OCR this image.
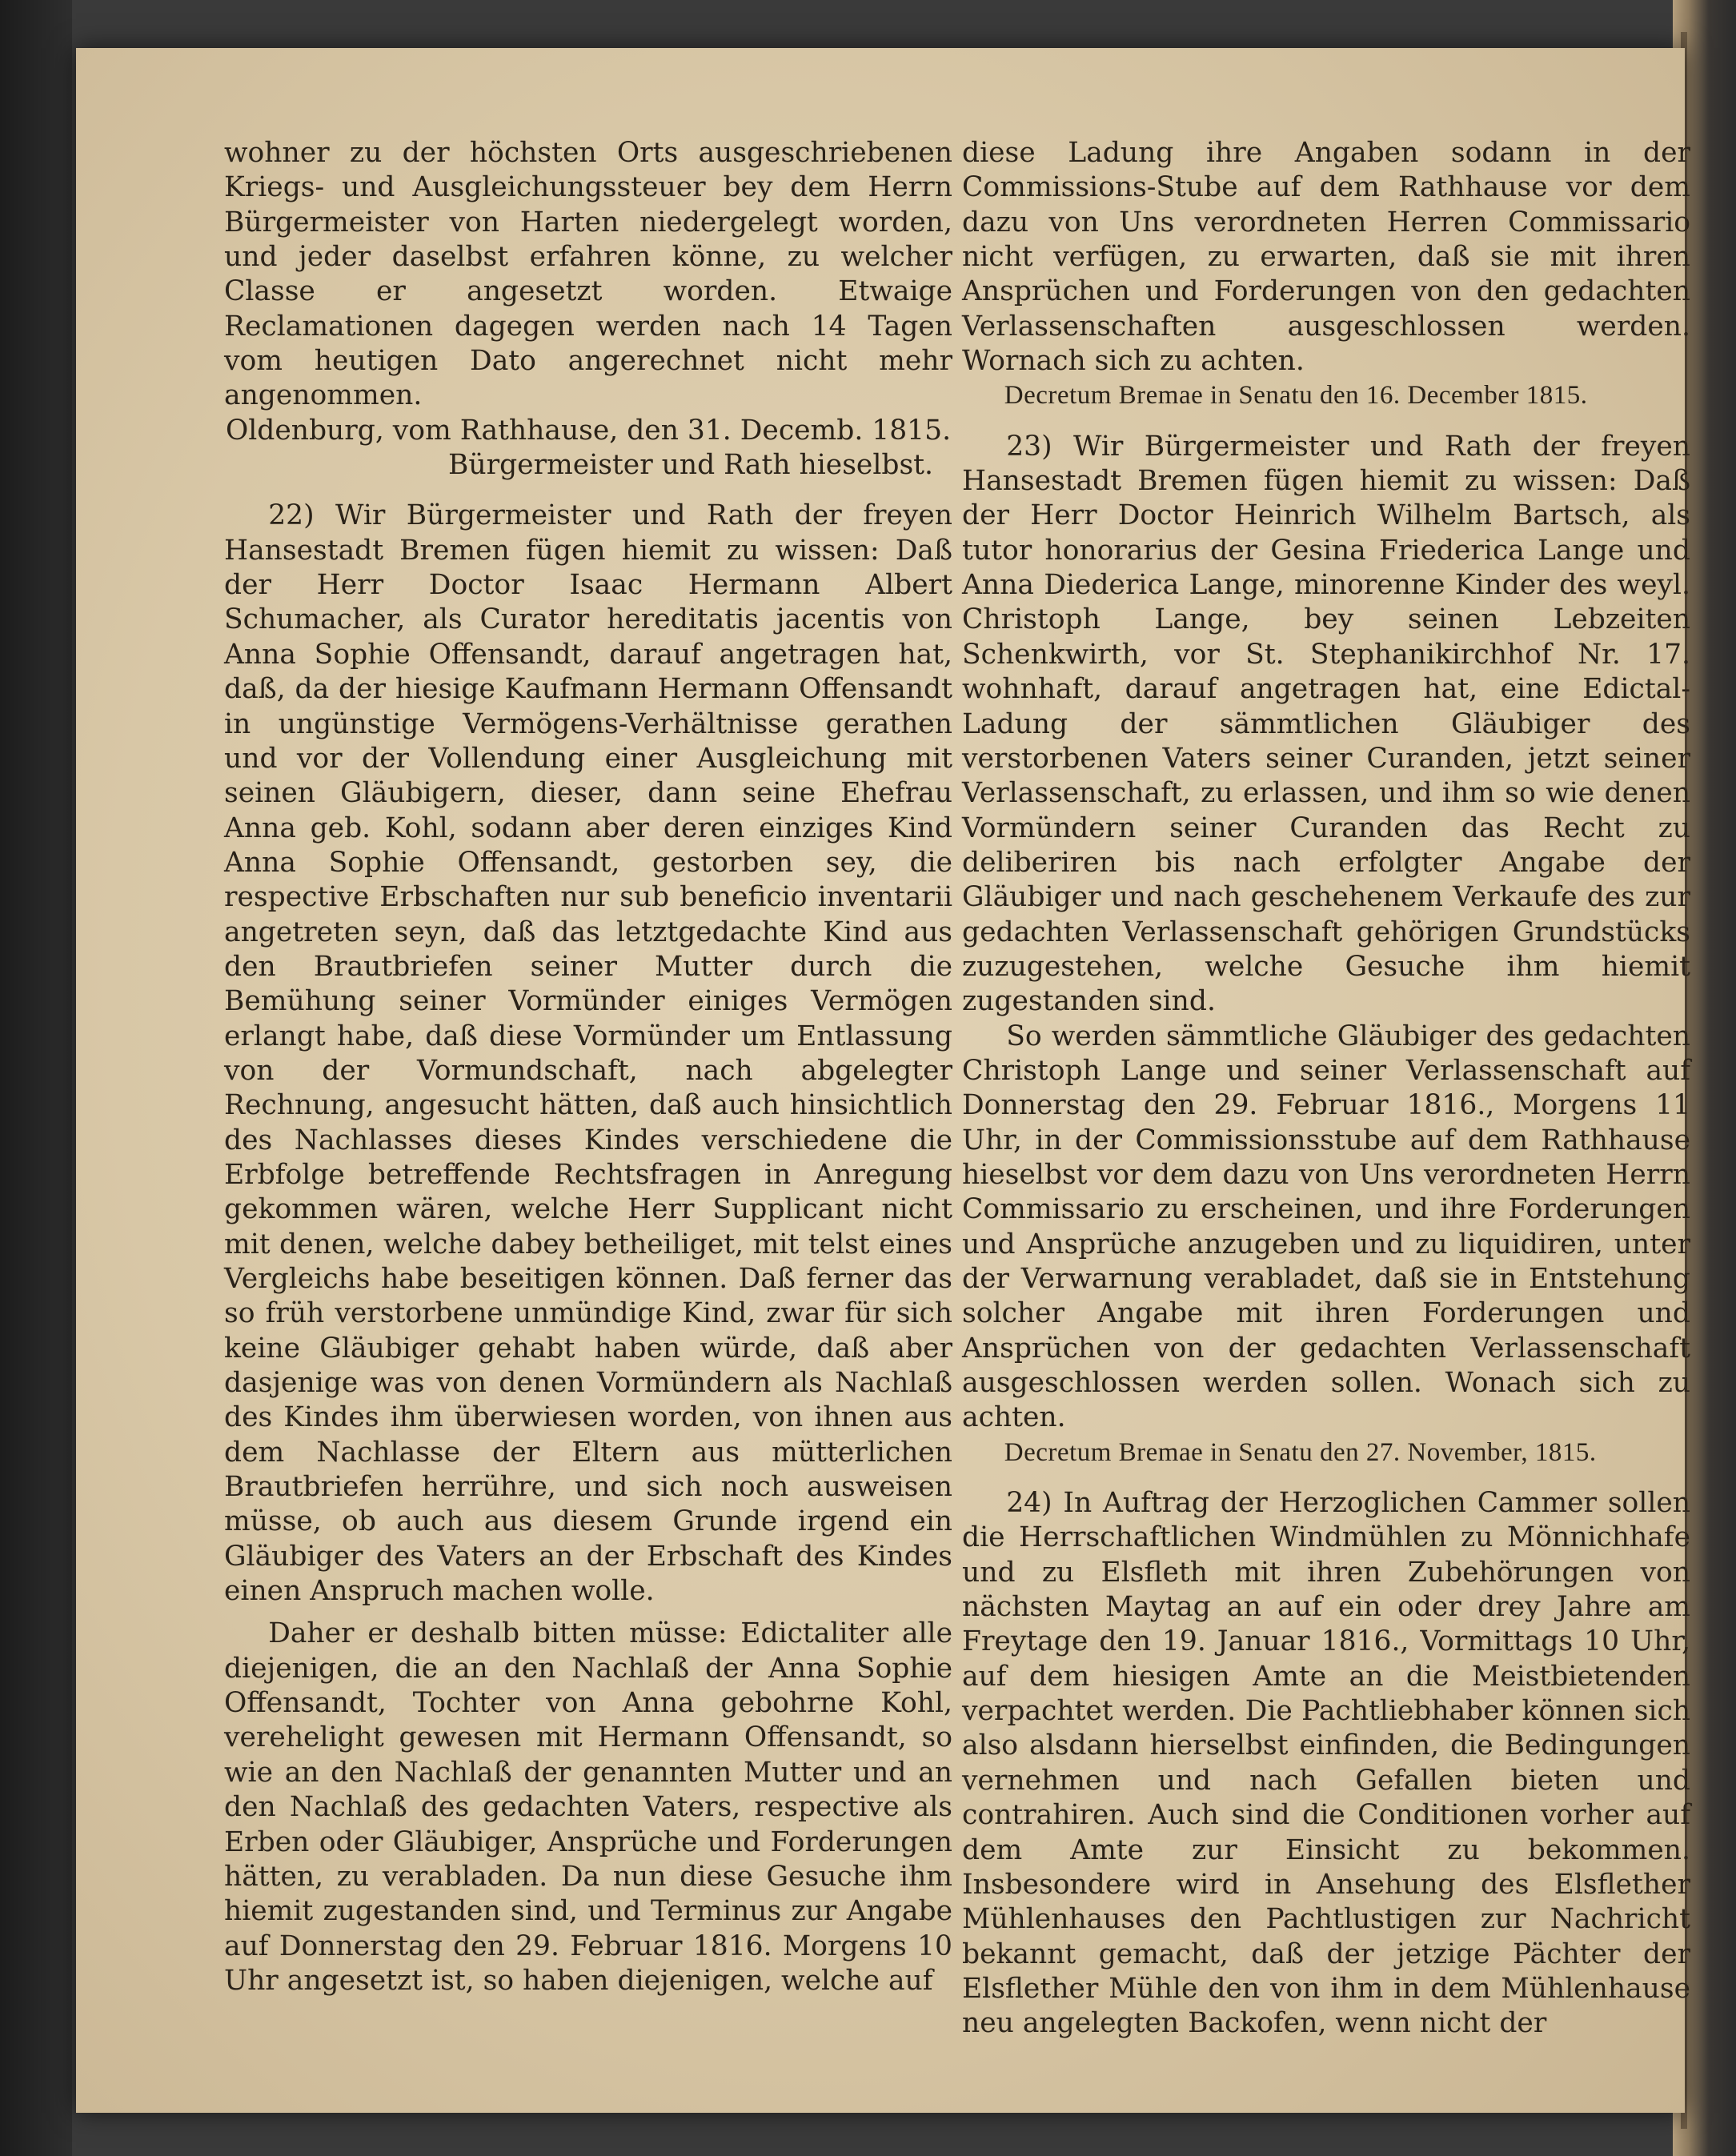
wohner zu der höchsten Orts ausgeschriebenen Kriegs- und Ausgleichungssteuer bey dem Herrn Bürgermeister von Harten niedergelegt worden, und jeder daselbst erfahren könne, zu welcher Classe er angesetzt worden. Etwaige Reclamationen dagegen werden nach 14 Tagen vom heutigen Dato angerechnet nicht mehr angenommen.

Oldenburg, vom Rathhause, den 31. Decemb. 1815.

Bürgermeister und Rath hieselbst.

22) Wir Bürgermeister und Rath der freyen Hansestadt Bremen fügen hiemit zu wissen: Daß der Herr Doctor Isaac Hermann Albert Schumacher, als Curator hereditatis jacentis von Anna Sophie Offensandt, darauf angetragen hat, daß, da der hiesige Kaufmann Hermann Offensandt in ungünstige Vermögens-Verhältnisse gerathen und vor der Vollendung einer Ausgleichung mit seinen Gläubigern, dieser, dann seine Ehefrau Anna geb. Kohl, sodann aber deren einziges Kind Anna Sophie Offensandt, gestorben sey, die respective Erbschaften nur sub beneficio inventarii angetreten seyn, daß das letztgedachte Kind aus den Brautbriefen seiner Mutter durch die Bemühung seiner Vormünder einiges Vermögen erlangt habe, daß diese Vormünder um Entlassung von der Vormundschaft, nach abgelegter Rechnung, angesucht hätten, daß auch hinsichtlich des Nachlasses dieses Kindes verschiedene die Erbfolge betreffende Rechtsfragen in Anregung gekommen wären, welche Herr Supplicant nicht mit denen, welche dabey betheiliget, mit telst eines Vergleichs habe beseitigen können. Daß ferner das so früh verstorbene unmündige Kind, zwar für sich keine Gläubiger gehabt haben würde, daß aber dasjenige was von denen Vormündern als Nachlaß des Kindes ihm überwiesen worden, von ihnen aus dem Nachlasse der Eltern aus mütterlichen Brautbriefen herrühre, und sich noch ausweisen müsse, ob auch aus diesem Grunde irgend ein Gläubiger des Vaters an der Erbschaft des Kindes einen Anspruch machen wolle.

Daher er deshalb bitten müsse: Edictaliter alle diejenigen, die an den Nachlaß der Anna Sophie Offensandt, Tochter von Anna gebohrne Kohl, verehelight gewesen mit Hermann Offensandt, so wie an den Nachlaß der genannten Mutter und an den Nachlaß des gedachten Vaters, respective als Erben oder Gläubiger, Ansprüche und Forderungen hätten, zu verabladen. Da nun diese Gesuche ihm hiemit zugestanden sind, und Terminus zur Angabe auf Donnerstag den 29. Februar 1816. Morgens 10 Uhr angesetzt ist, so haben diejenigen, welche auf

diese Ladung ihre Angaben sodann in der Commissions-Stube auf dem Rathhause vor dem dazu von Uns verordneten Herren Commissario nicht verfügen, zu erwarten, daß sie mit ihren Ansprüchen und Forderungen von den gedachten Verlassenschaften ausgeschlossen werden. Wornach sich zu achten.

Decretum Bremae in Senatu den 16. December 1815.

23) Wir Bürgermeister und Rath der freyen Hansestadt Bremen fügen hiemit zu wissen: Daß der Herr Doctor Heinrich Wilhelm Bartsch, als tutor honorarius der Gesina Friederica Lange und Anna Diederica Lange, minorenne Kinder des weyl. Christoph Lange, bey seinen Lebzeiten Schenkwirth, vor St. Stephanikirchhof Nr. 17. wohnhaft, darauf angetragen hat, eine Edictal-Ladung der sämmtlichen Gläubiger des verstorbenen Vaters seiner Curanden, jetzt seiner Verlassenschaft, zu erlassen, und ihm so wie denen Vormündern seiner Curanden das Recht zu deliberiren bis nach erfolgter Angabe der Gläubiger und nach geschehenem Verkaufe des zur gedachten Verlassenschaft gehörigen Grundstücks zuzugestehen, welche Gesuche ihm hiemit zugestanden sind.

So werden sämmtliche Gläubiger des gedachten Christoph Lange und seiner Verlassenschaft auf Donnerstag den 29. Februar 1816., Morgens 11 Uhr, in der Commissionsstube auf dem Rathhause hieselbst vor dem dazu von Uns verordneten Herrn Commissario zu erscheinen, und ihre Forderungen und Ansprüche anzugeben und zu liquidiren, unter der Verwarnung verabladet, daß sie in Entstehung solcher Angabe mit ihren Forderungen und Ansprüchen von der gedachten Verlassenschaft ausgeschlossen werden sollen. Wonach sich zu achten.

Decretum Bremae in Senatu den 27. November, 1815.

24) In Auftrag der Herzoglichen Cammer sollen die Herrschaftlichen Windmühlen zu Mönnichhafe und zu Elsfleth mit ihren Zubehörungen von nächsten Maytag an auf ein oder drey Jahre am Freytage den 19. Januar 1816., Vormittags 10 Uhr, auf dem hiesigen Amte an die Meistbietenden verpachtet werden. Die Pachtliebhaber können sich also alsdann hierselbst einfinden, die Bedingungen vernehmen und nach Gefallen bieten und contrahiren. Auch sind die Conditionen vorher auf dem Amte zur Einsicht zu bekommen. Insbesondere wird in Ansehung des Elsflether Mühlenhauses den Pachtlustigen zur Nachricht bekannt gemacht, daß der jetzige Pächter der Elsflether Mühle den von ihm in dem Mühlenhause neu angelegten Backofen, wenn nicht der
